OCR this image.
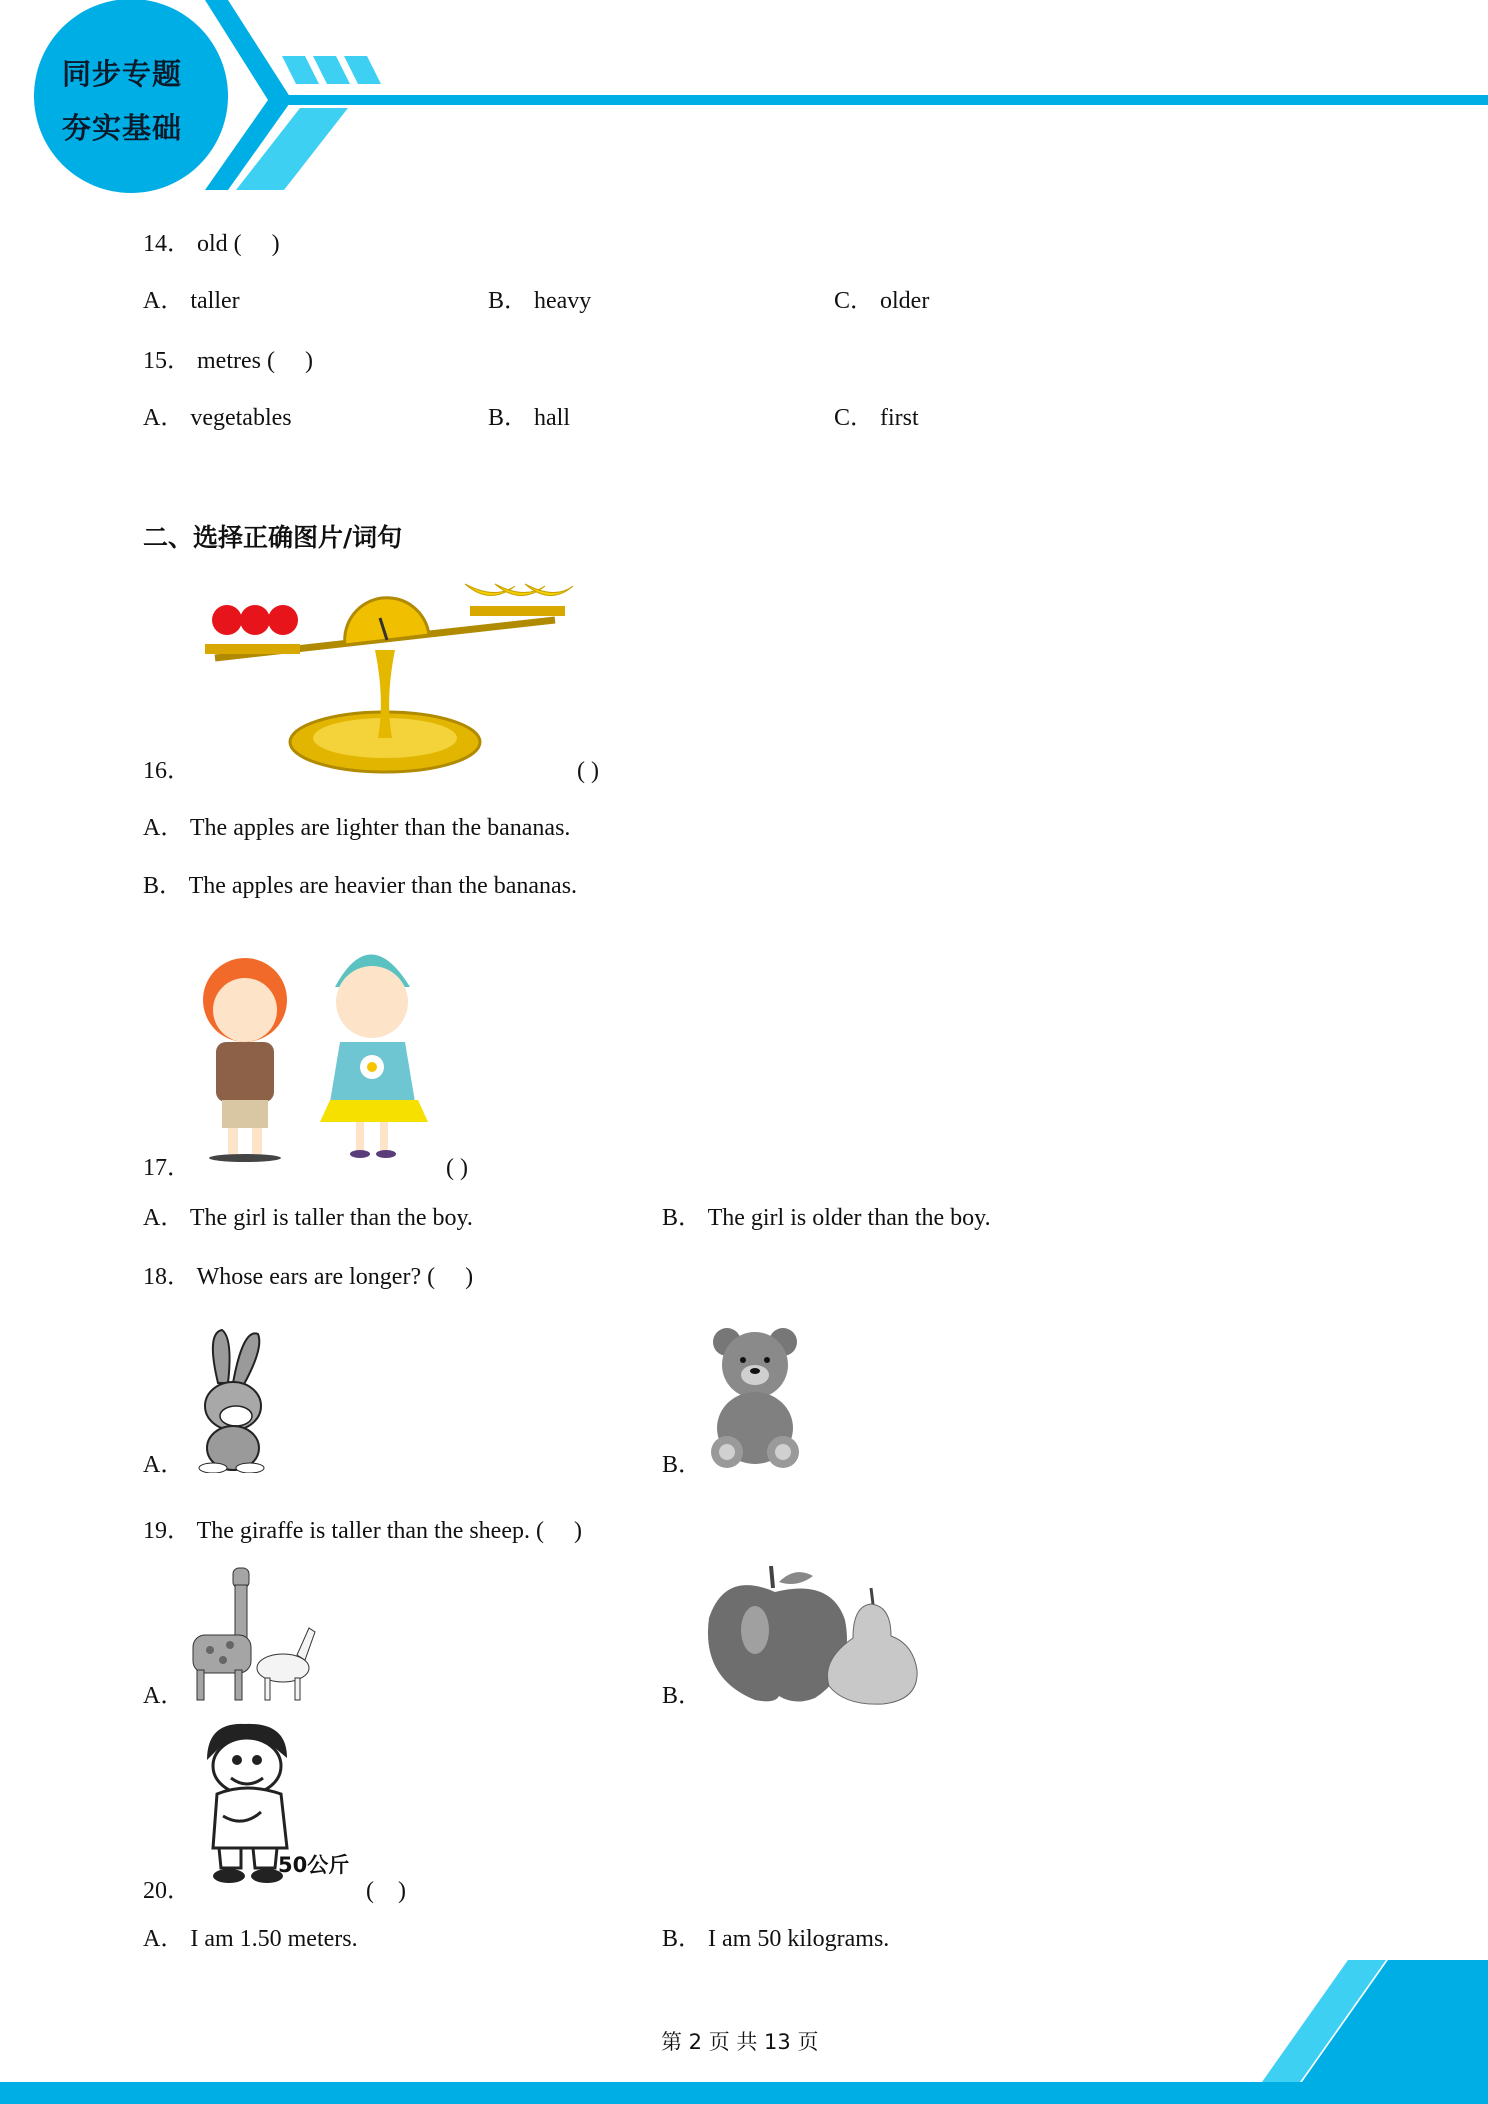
同步专题
夯实基础
14． old (　 )
A． taller	B． heavy	C． older
15． metres (　 )
A． vegetables	B． hall	C． first
二、选择正确图片/词句
16．	( )
A． The apples are lighter than the bananas.
B． The apples are heavier than the bananas.
17．	( )
A． The girl is taller than the boy.	B． The girl is older than the boy.
18． Whose ears are longer? (　 )
A．	B．
19． The giraffe is taller than the sheep. (　 )
A．	B．
50公斤
20．	(　)
A． I am 1.50 meters.	B． I am 50 kilograms.
第 2 页 共 13 页
